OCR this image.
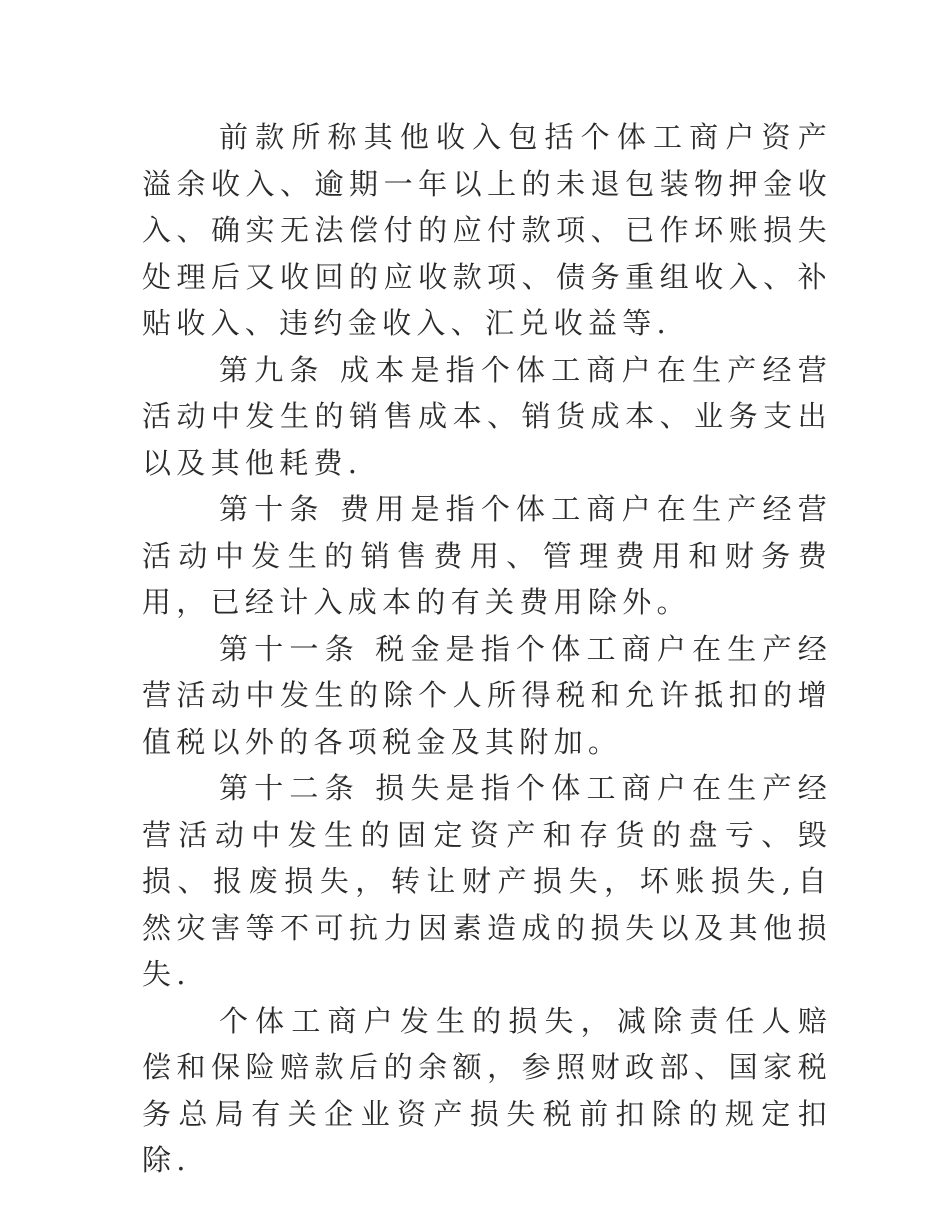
前款所称其他收入包括个体工商户资产溢余收入、逾期一年以上的未退包装物押金收入、确实无法偿付的应付款项、已作坏账损失处理后又收回的应收款项、债务重组收入、补贴收入、违约金收入、汇兑收益等.

第九条 成本是指个体工商户在生产经营活动中发生的销售成本、销货成本、业务支出以及其他耗费.

第十条 费用是指个体工商户在生产经营活动中发生的销售费用、管理费用和财务费用，已经计入成本的有关费用除外。

第十一条 税金是指个体工商户在生产经营活动中发生的除个人所得税和允许抵扣的增值税以外的各项税金及其附加。

第十二条 损失是指个体工商户在生产经营活动中发生的固定资产和存货的盘亏、毁损、报废损失，转让财产损失，坏账损失,自然灾害等不可抗力因素造成的损失以及其他损失.

个体工商户发生的损失，减除责任人赔偿和保险赔款后的余额，参照财政部、国家税务总局有关企业资产损失税前扣除的规定扣除.
